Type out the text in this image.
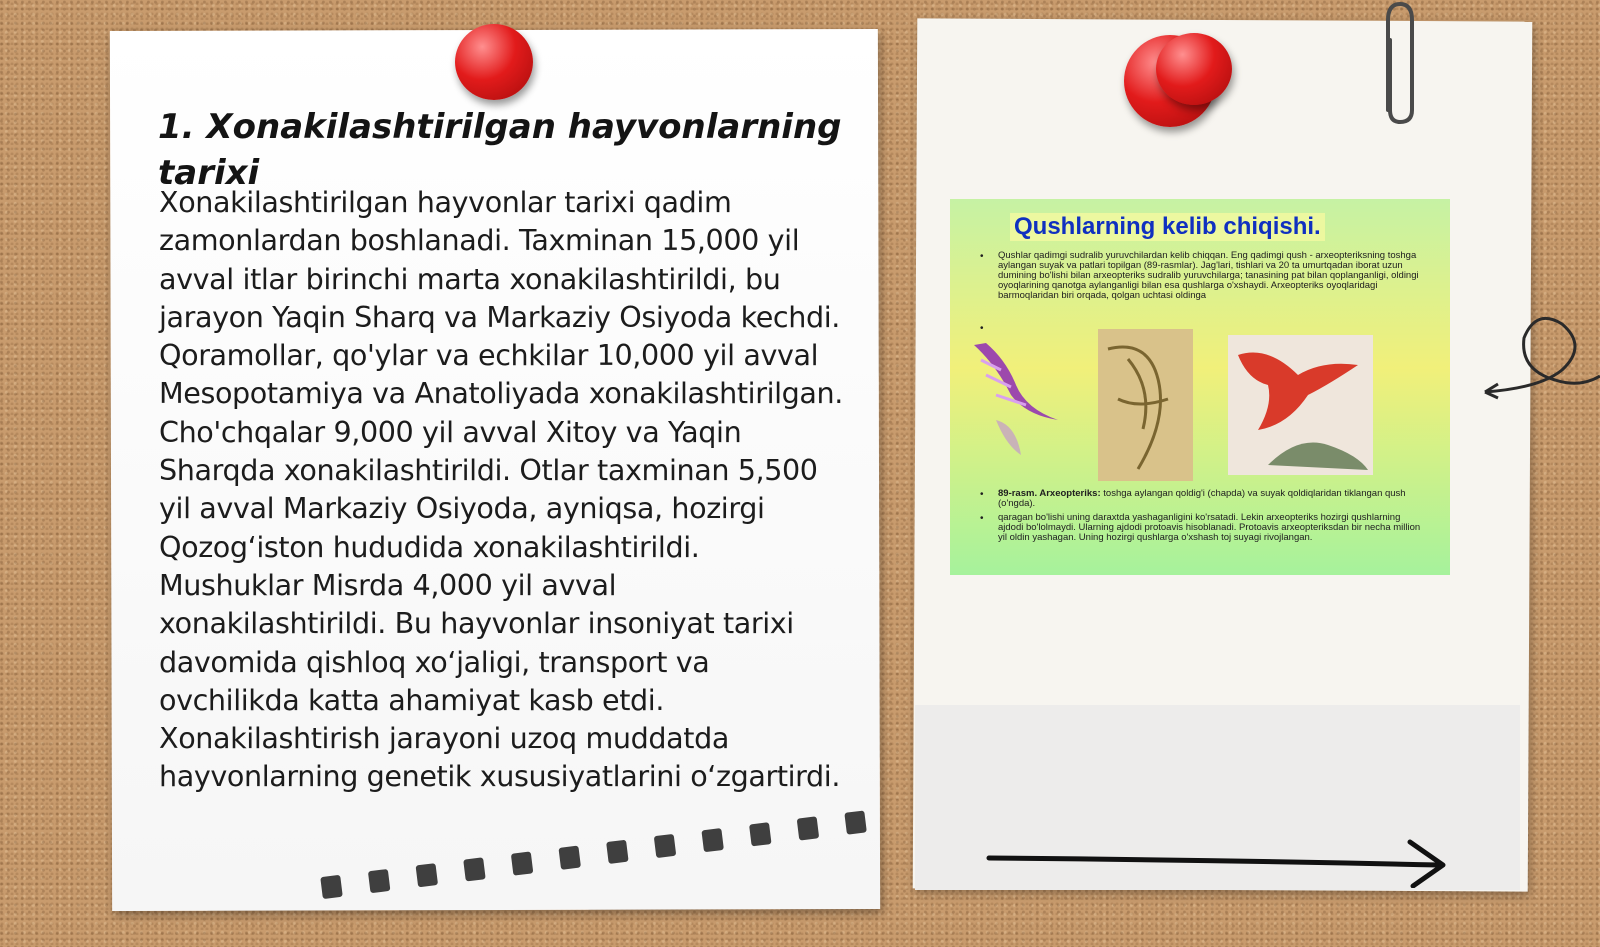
1. Xonakilashtirilgan hayvonlarning tarixi

Xonakilashtirilgan hayvonlar tarixi qadim zamonlardan boshlanadi. Taxminan 15,000 yil avval itlar birinchi marta xonakilashtirildi, bu jarayon Yaqin Sharq va Markaziy Osiyoda kechdi. Qoramollar, qo'ylar va echkilar 10,000 yil avval Mesopotamiya va Anatoliyada xonakilashtirilgan. Cho'chqalar 9,000 yil avval Xitoy va Yaqin Sharqda xonakilashtirildi. Otlar taxminan 5,500 yil avval Markaziy Osiyoda, ayniqsa, hozirgi Qozog‘iston hududida xonakilashtirildi. Mushuklar Misrda 4,000 yil avval xonakilashtirildi. Bu hayvonlar insoniyat tarixi davomida qishloq xo‘jaligi, transport va ovchilikda katta ahamiyat kasb etdi. Xonakilashtirish jarayoni uzoq muddatda hayvonlarning genetik xususiyatlarini o‘zgartirdi.

Qushlarning kelib chiqishi.
• Qushlar qadimgi sudralib yuruvchilardan kelib chiqqan. Eng qadimgi qush - arxeopteriksning toshga aylangan suyak va patlari topilgan (89-rasmlar). Jag'lari, tishlari va 20 ta umurtqadan iborat uzun dumining bo'lishi bilan arxeopteriks sudralib yuruvchilarga; tanasining pat bilan qoplanganligi, oldingi oyoqlarining qanotga aylanganligi bilan esa qushlarga o'xshaydi. Arxeopteriks oyoqlaridagi barmoqlaridan biri orqada, qolgan uchtasi oldinga

•
• 89-rasm. Arxeopteriks: toshga aylangan qoldig'i (chapda) va suyak qoldiqlaridan tiklangan qush (o'ngda).

• qaragan bo'lishi uning daraxtda yashaganligini ko'rsatadi. Lekin arxeopteriks hozirgi qushlarning ajdodi bo'lolmaydi. Ularning ajdodi protoavis hisoblanadi. Protoavis arxeopteriksdan bir necha million yil oldin yashagan. Uning hozirgi qushlarga o'xshash toj suyagi rivojlangan.
